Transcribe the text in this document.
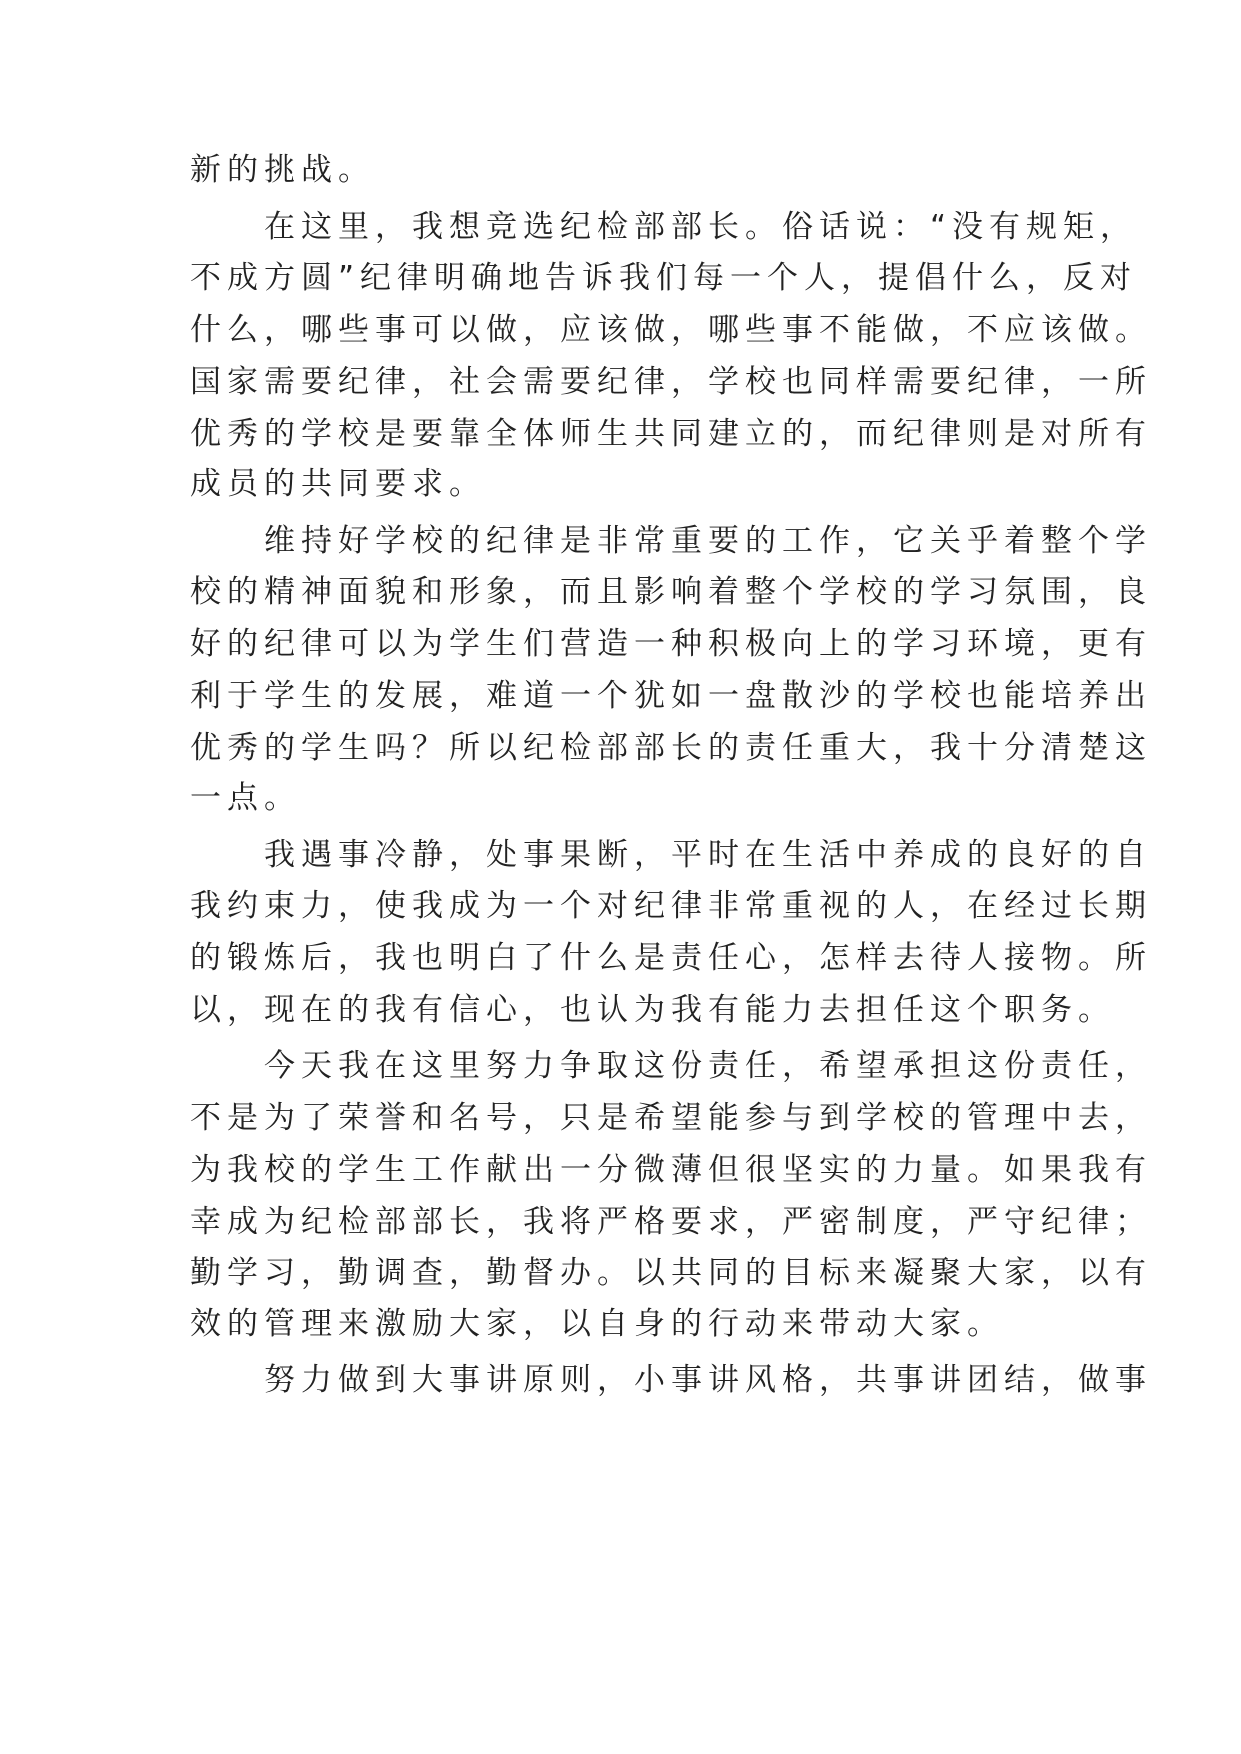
新的挑战。
　　在这里，我想竞选纪检部部长。俗话说：“没有规矩，
不成方圆”纪律明确地告诉我们每一个人，提倡什么，反对
什么，哪些事可以做，应该做，哪些事不能做，不应该做。
国家需要纪律，社会需要纪律，学校也同样需要纪律，一所
优秀的学校是要靠全体师生共同建立的，而纪律则是对所有
成员的共同要求。
　　维持好学校的纪律是非常重要的工作，它关乎着整个学
校的精神面貌和形象，而且影响着整个学校的学习氛围，良
好的纪律可以为学生们营造一种积极向上的学习环境，更有
利于学生的发展，难道一个犹如一盘散沙的学校也能培养出
优秀的学生吗？所以纪检部部长的责任重大，我十分清楚这
一点。
　　我遇事冷静，处事果断，平时在生活中养成的良好的自
我约束力，使我成为一个对纪律非常重视的人，在经过长期
的锻炼后，我也明白了什么是责任心，怎样去待人接物。所
以，现在的我有信心，也认为我有能力去担任这个职务。
　　今天我在这里努力争取这份责任，希望承担这份责任，
不是为了荣誉和名号，只是希望能参与到学校的管理中去，
为我校的学生工作献出一分微薄但很坚实的力量。如果我有
幸成为纪检部部长，我将严格要求，严密制度，严守纪律；
勤学习，勤调查，勤督办。以共同的目标来凝聚大家，以有
效的管理来激励大家，以自身的行动来带动大家。
　　努力做到大事讲原则，小事讲风格，共事讲团结，做事
